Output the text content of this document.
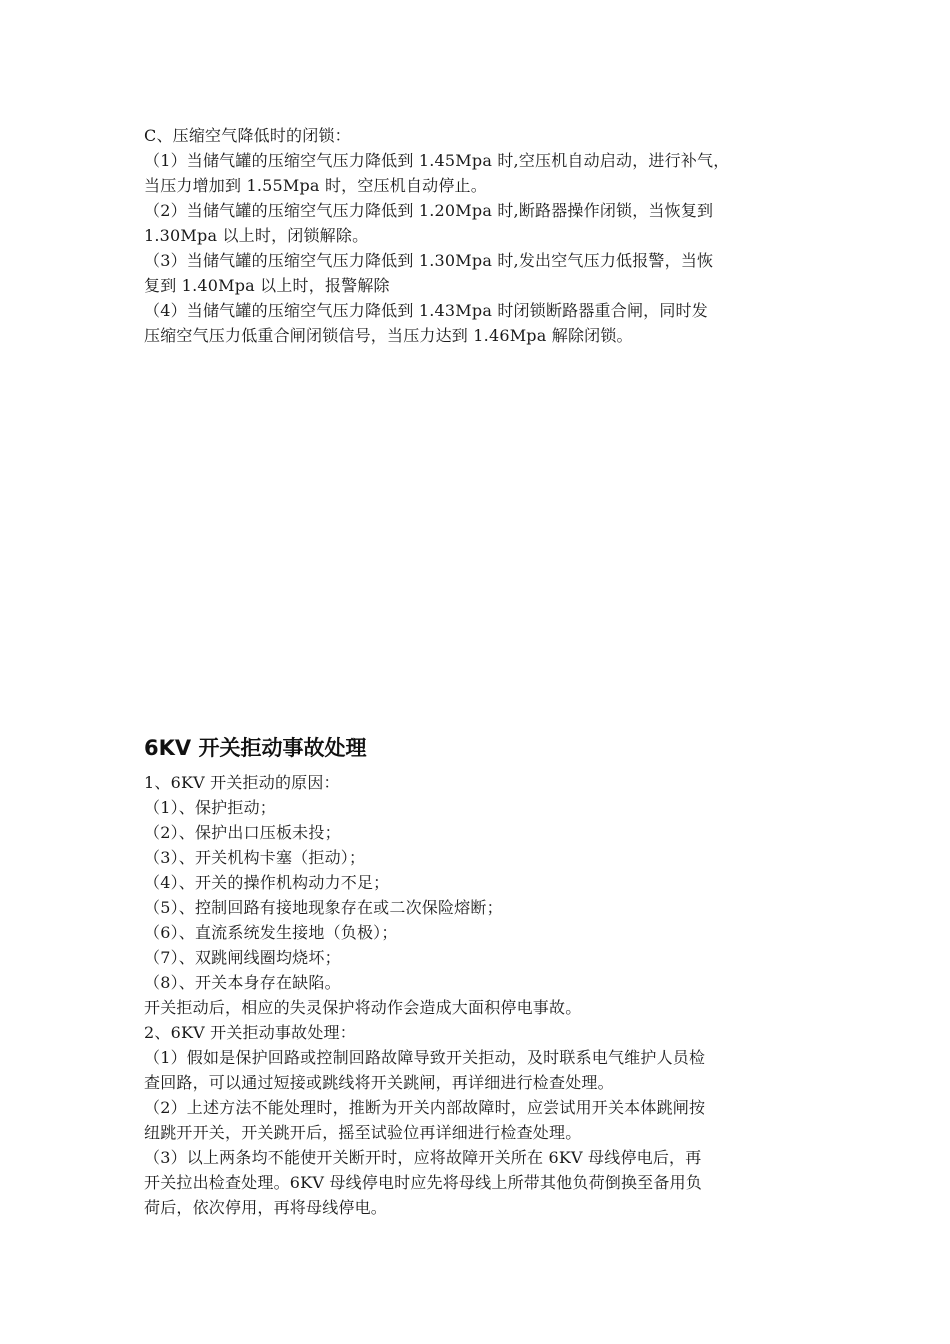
C、压缩空气降低时的闭锁：
（1）当储气罐的压缩空气压力降低到 1.45Mpa 时,空压机自动启动，进行补气，
当压力增加到 1.55Mpa 时，空压机自动停止。
（2）当储气罐的压缩空气压力降低到 1.20Mpa 时,断路器操作闭锁，当恢复到
1.30Mpa 以上时，闭锁解除。
（3）当储气罐的压缩空气压力降低到 1.30Mpa 时,发出空气压力低报警，当恢
复到 1.40Mpa 以上时，报警解除
（4）当储气罐的压缩空气压力降低到 1.43Mpa 时闭锁断路器重合闸，同时发
压缩空气压力低重合闸闭锁信号，当压力达到 1.46Mpa 解除闭锁。
6KV 开关拒动事故处理
1、6KV 开关拒动的原因：
（1）、保护拒动；
（2）、保护出口压板未投；
（3）、开关机构卡塞（拒动）；
（4）、开关的操作机构动力不足；
（5）、控制回路有接地现象存在或二次保险熔断；
（6）、直流系统发生接地（负极）；
（7）、双跳闸线圈均烧坏；
（8）、开关本身存在缺陷。
开关拒动后，相应的失灵保护将动作会造成大面积停电事故。
2、6KV 开关拒动事故处理：
（1）假如是保护回路或控制回路故障导致开关拒动，及时联系电气维护人员检
查回路，可以通过短接或跳线将开关跳闸，再详细进行检查处理。
（2）上述方法不能处理时，推断为开关内部故障时，应尝试用开关本体跳闸按
纽跳开开关，开关跳开后，摇至试验位再详细进行检查处理。
（3）以上两条均不能使开关断开时，应将故障开关所在 6KV 母线停电后，再
开关拉出检查处理。6KV 母线停电时应先将母线上所带其他负荷倒换至备用负
荷后，依次停用，再将母线停电。
